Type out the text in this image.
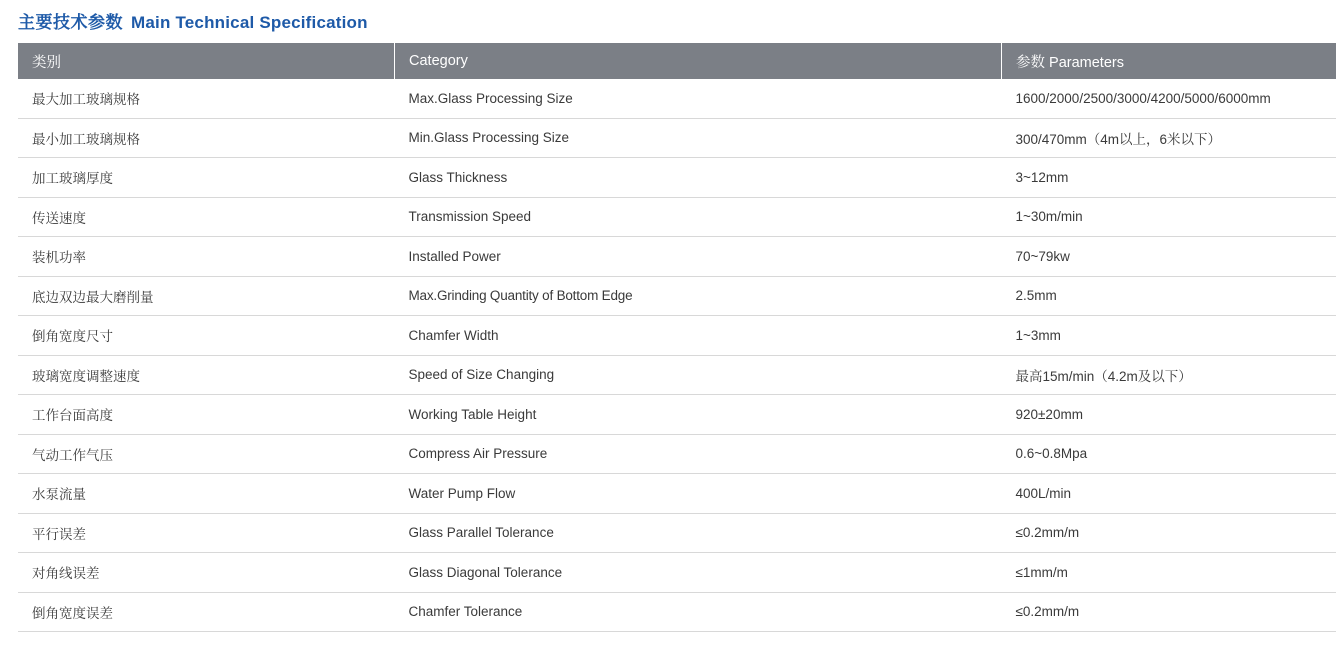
主要技术参数 Main Technical Specification
类别	Category	参数 Parameters
最大加工玻璃规格	Max.Glass Processing Size	1600/2000/2500/3000/4200/5000/6000mm
最小加工玻璃规格	Min.Glass Processing Size	300/470mm（4m以上，6米以下）
加工玻璃厚度	Glass Thickness	3~12mm
传送速度	Transmission Speed	1~30m/min
装机功率	Installed Power	70~79kw
底边双边最大磨削量	Max.Grinding Quantity of Bottom Edge	2.5mm
倒角宽度尺寸	Chamfer Width	1~3mm
玻璃宽度调整速度	Speed of Size Changing	最高15m/min（4.2m及以下）
工作台面高度	Working Table Height	920±20mm
气动工作气压	Compress Air Pressure	0.6~0.8Mpa
水泵流量	Water Pump Flow	400L/min
平行误差	Glass Parallel Tolerance	≤0.2mm/m
对角线误差	Glass Diagonal Tolerance	≤1mm/m
倒角宽度误差	Chamfer Tolerance	≤0.2mm/m
